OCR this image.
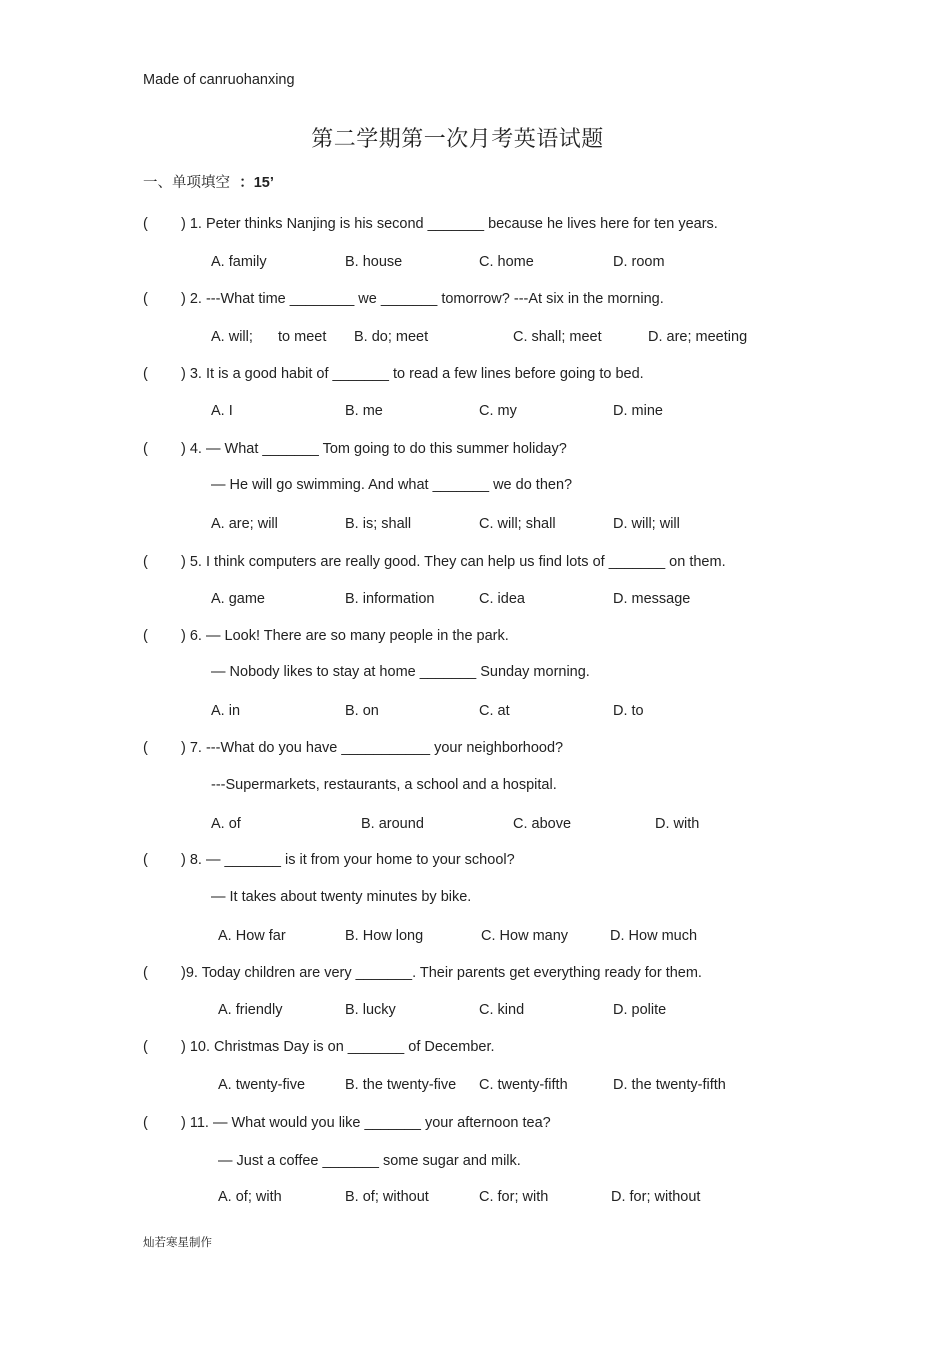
Made of canruohanxing
第二学期第一次月考英语试题
一、单项填空 ：15’
( ) 1. Peter thinks Nanjing is his second _______ because he lives here for ten years.
A. family	B. house	C. home	D. room
( ) 2. ---What time ________ we _______ tomorrow? ---At six in the morning.
A. will; to meet B. do; meet	C. shall; meet	D. are; meeting
( ) 3. It is a good habit of _______ to read a few lines before going to bed.
A. I	B. me	C. my	D. mine
( ) 4. — What _______ Tom going to do this summer holiday?
— He will go swimming. And what _______ we do then?
A. are; will	B. is; shall	C. will; shall	D. will; will
( ) 5. I think computers are really good. They can help us find lots of _______ on them.
A. game	B. information	C. idea	D. message
( ) 6. — Look! There are so many people in the park.
— Nobody likes to stay at home _______ Sunday morning.
A. in	B. on	C. at	D. to
( ) 7. ---What do you have ___________ your neighborhood?
---Supermarkets, restaurants, a school and a hospital.
A. of	B. around	C. above	D. with
( ) 8. — _______ is it from your home to your school?
— It takes about twenty minutes by bike.
A. How far	B. How long	C. How many	D. How much
( )9. Today children are very _______. Their parents get everything ready for them.
A. friendly	B. lucky	C. kind	D. polite
( ) 10. Christmas Day is on _______ of December.
A. twenty-five	B. the twenty-five C. twenty-fifth	D. the twenty-fifth
( ) 11. — What would you like _______ your afternoon tea?
— Just a coffee _______ some sugar and milk.
A. of; with	B. of; without	C. for; with	D. for; without
灿若寒星制作
